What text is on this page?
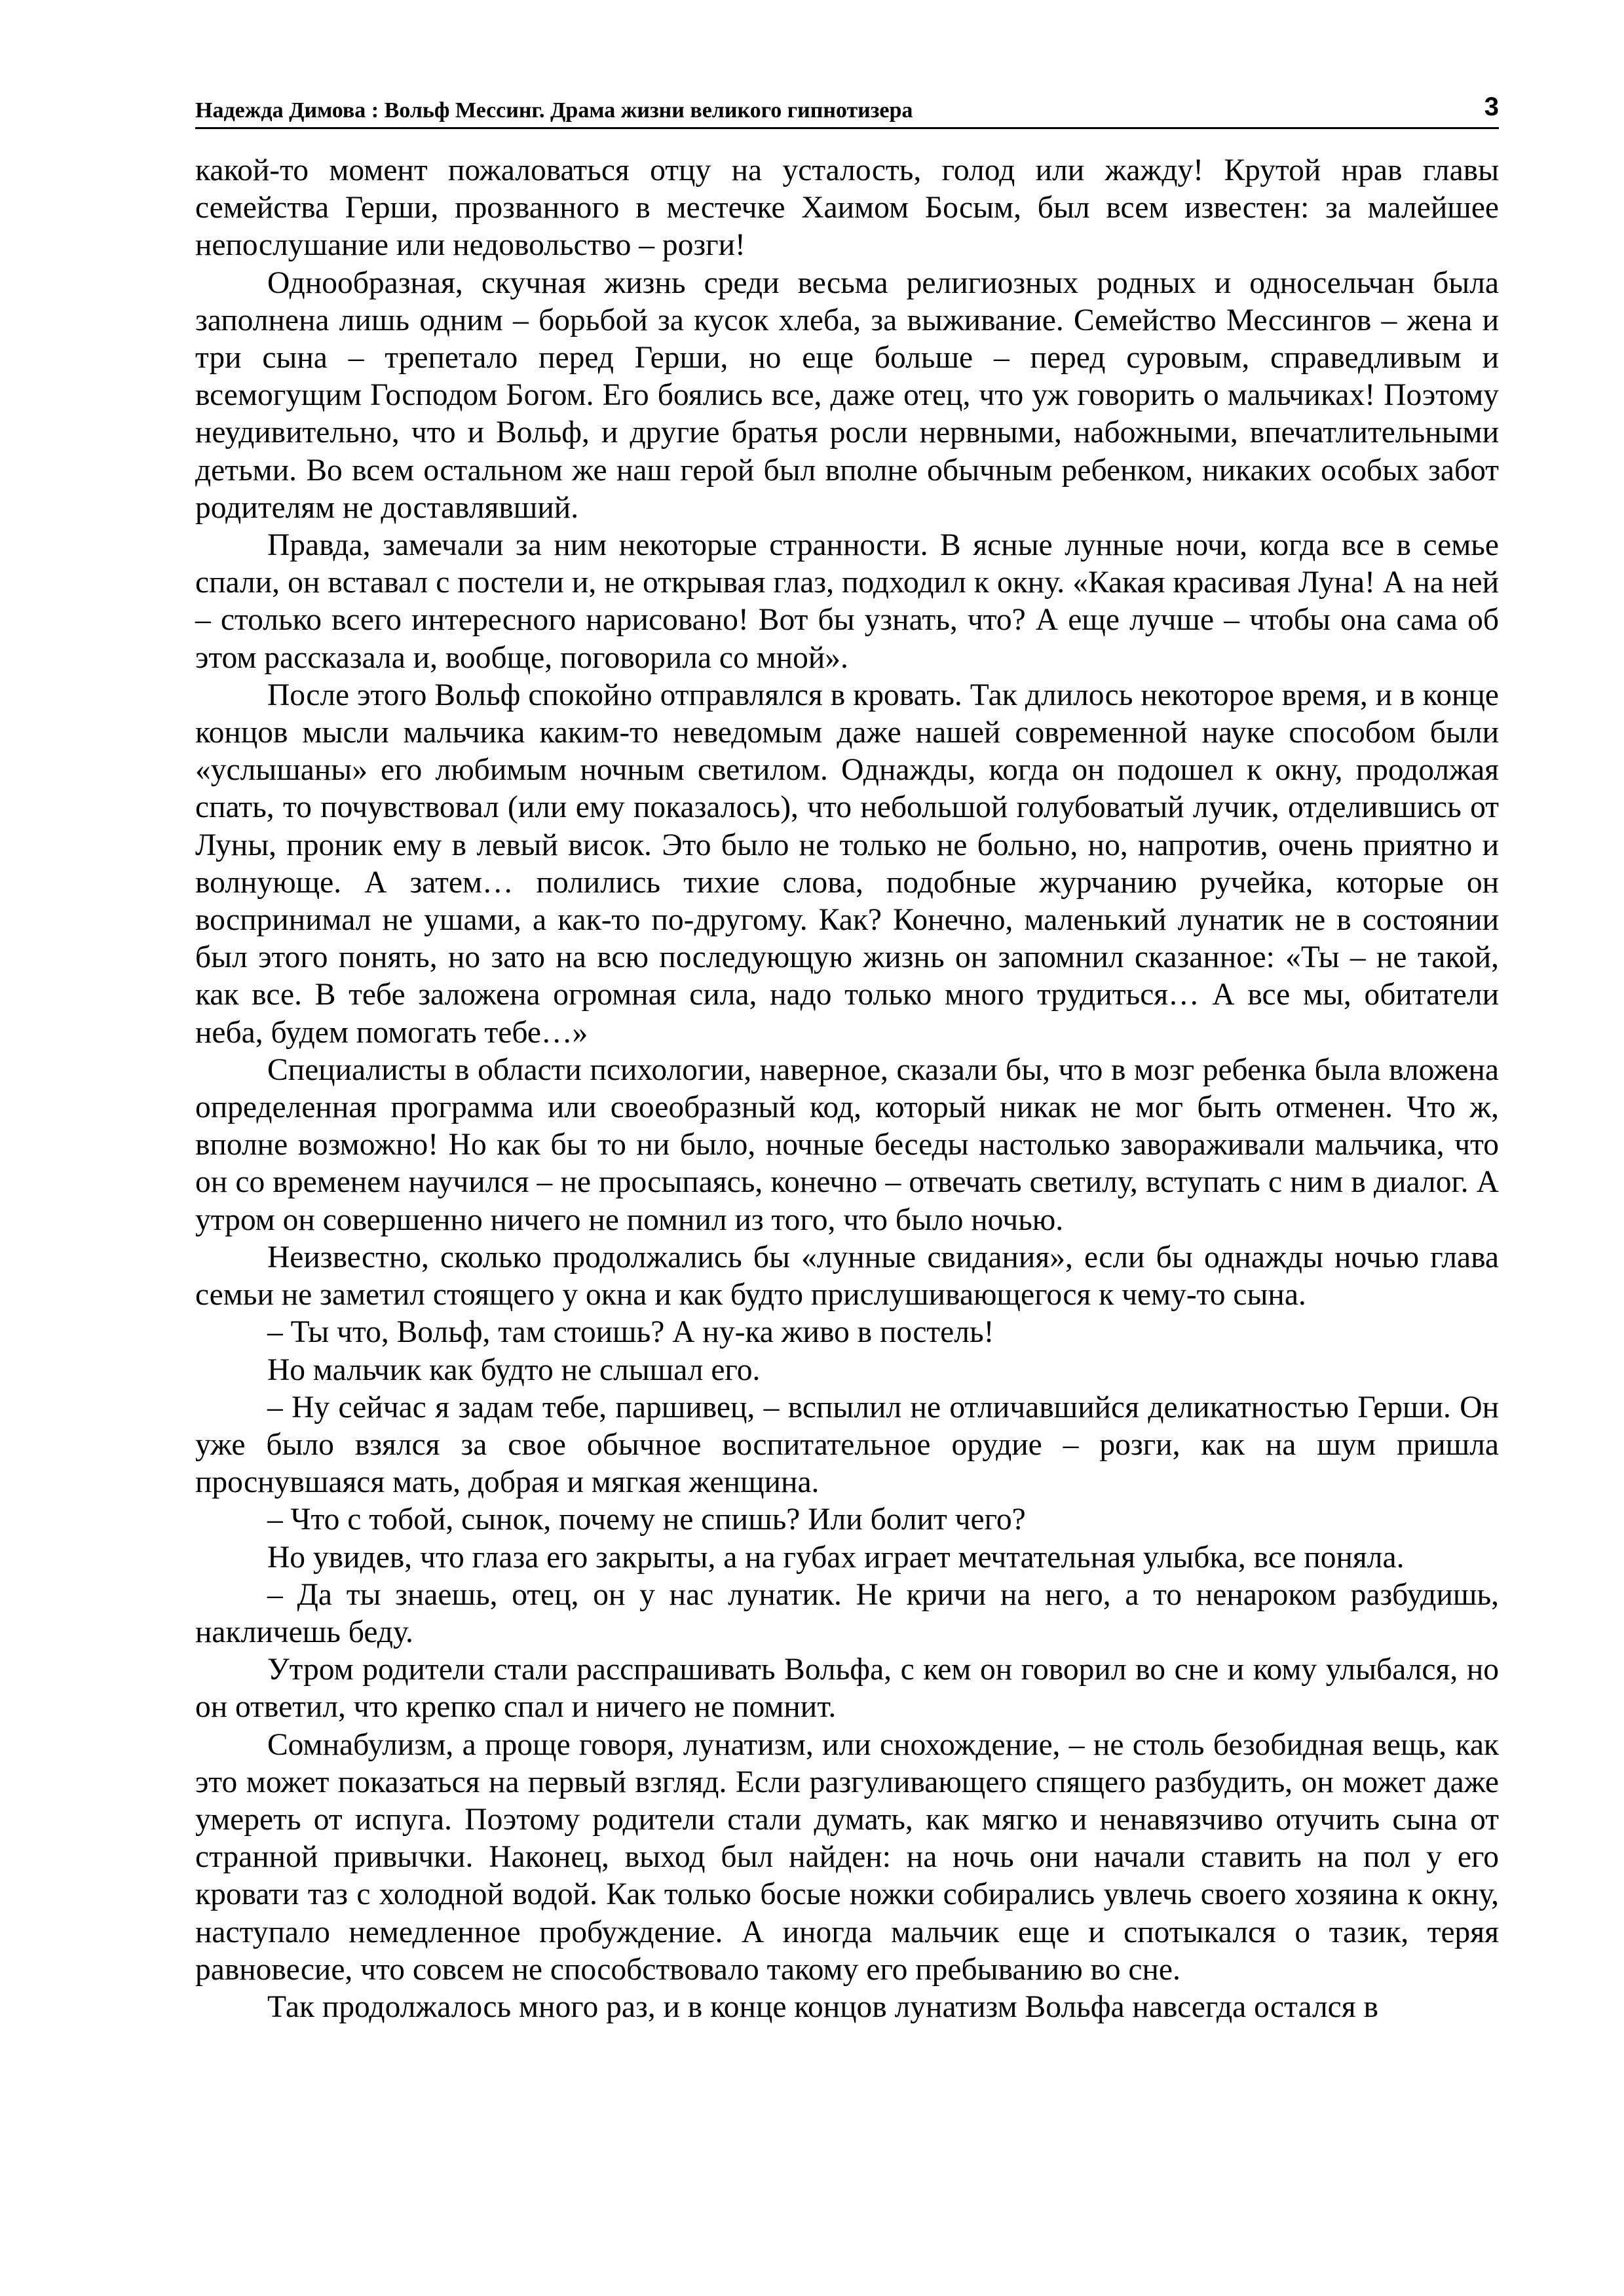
Надежда Димова : Вольф Мессинг. Драма жизни великого гипнотизера	3

какой-то момент пожаловаться отцу на усталость, голод или жажду! Крутой нрав главы семейства Герши, прозванного в местечке Хаимом Босым, был всем известен: за малейшее непослушание или недовольство – розги!

Однообразная, скучная жизнь среди весьма религиозных родных и односельчан была заполнена лишь одним – борьбой за кусок хлеба, за выживание. Семейство Мессингов – жена и три сына – трепетало перед Герши, но еще больше – перед суровым, справедливым и всемогущим Господом Богом. Его боялись все, даже отец, что уж говорить о мальчиках! Поэтому неудивительно, что и Вольф, и другие братья росли нервными, набожными, впечатлительными детьми. Во всем остальном же наш герой был вполне обычным ребенком, никаких особых забот родителям не доставлявший.

Правда, замечали за ним некоторые странности. В ясные лунные ночи, когда все в семье спали, он вставал с постели и, не открывая глаз, подходил к окну. «Какая красивая Луна! А на ней – столько всего интересного нарисовано! Вот бы узнать, что? А еще лучше – чтобы она сама об этом рассказала и, вообще, поговорила со мной».

После этого Вольф спокойно отправлялся в кровать. Так длилось некоторое время, и в конце концов мысли мальчика каким-то неведомым даже нашей современной науке способом были «услышаны» его любимым ночным светилом. Однажды, когда он подошел к окну, продолжая спать, то почувствовал (или ему показалось), что небольшой голубоватый лучик, отделившись от Луны, проник ему в левый висок. Это было не только не больно, но, напротив, очень приятно и волнующе. А затем… полились тихие слова, подобные журчанию ручейка, которые он воспринимал не ушами, а как-то по-другому. Как? Конечно, маленький лунатик не в состоянии был этого понять, но зато на всю последующую жизнь он запомнил сказанное: «Ты – не такой, как все. В тебе заложена огромная сила, надо только много трудиться… А все мы, обитатели неба, будем помогать тебе…»

Специалисты в области психологии, наверное, сказали бы, что в мозг ребенка была вложена определенная программа или своеобразный код, который никак не мог быть отменен. Что ж, вполне возможно! Но как бы то ни было, ночные беседы настолько завораживали мальчика, что он со временем научился – не просыпаясь, конечно – отвечать светилу, вступать с ним в диалог. А утром он совершенно ничего не помнил из того, что было ночью.

Неизвестно, сколько продолжались бы «лунные свидания», если бы однажды ночью глава семьи не заметил стоящего у окна и как будто прислушивающегося к чему-то сына.

– Ты что, Вольф, там стоишь? А ну-ка живо в постель!

Но мальчик как будто не слышал его.

– Ну сейчас я задам тебе, паршивец, – вспылил не отличавшийся деликатностью Герши. Он уже было взялся за свое обычное воспитательное орудие – розги, как на шум пришла проснувшаяся мать, добрая и мягкая женщина.

– Что с тобой, сынок, почему не спишь? Или болит чего?

Но увидев, что глаза его закрыты, а на губах играет мечтательная улыбка, все поняла.

– Да ты знаешь, отец, он у нас лунатик. Не кричи на него, а то ненароком разбудишь, накличешь беду.

Утром родители стали расспрашивать Вольфа, с кем он говорил во сне и кому улыбался, но он ответил, что крепко спал и ничего не помнит.

Сомнабулизм, а проще говоря, лунатизм, или снохождение, – не столь безобидная вещь, как это может показаться на первый взгляд. Если разгуливающего спящего разбудить, он может даже умереть от испуга. Поэтому родители стали думать, как мягко и ненавязчиво отучить сына от странной привычки. Наконец, выход был найден: на ночь они начали ставить на пол у его кровати таз с холодной водой. Как только босые ножки собирались увлечь своего хозяина к окну, наступало немедленное пробуждение. А иногда мальчик еще и спотыкался о тазик, теряя равновесие, что совсем не способствовало такому его пребыванию во сне.

Так продолжалось много раз, и в конце концов лунатизм Вольфа навсегда остался в
